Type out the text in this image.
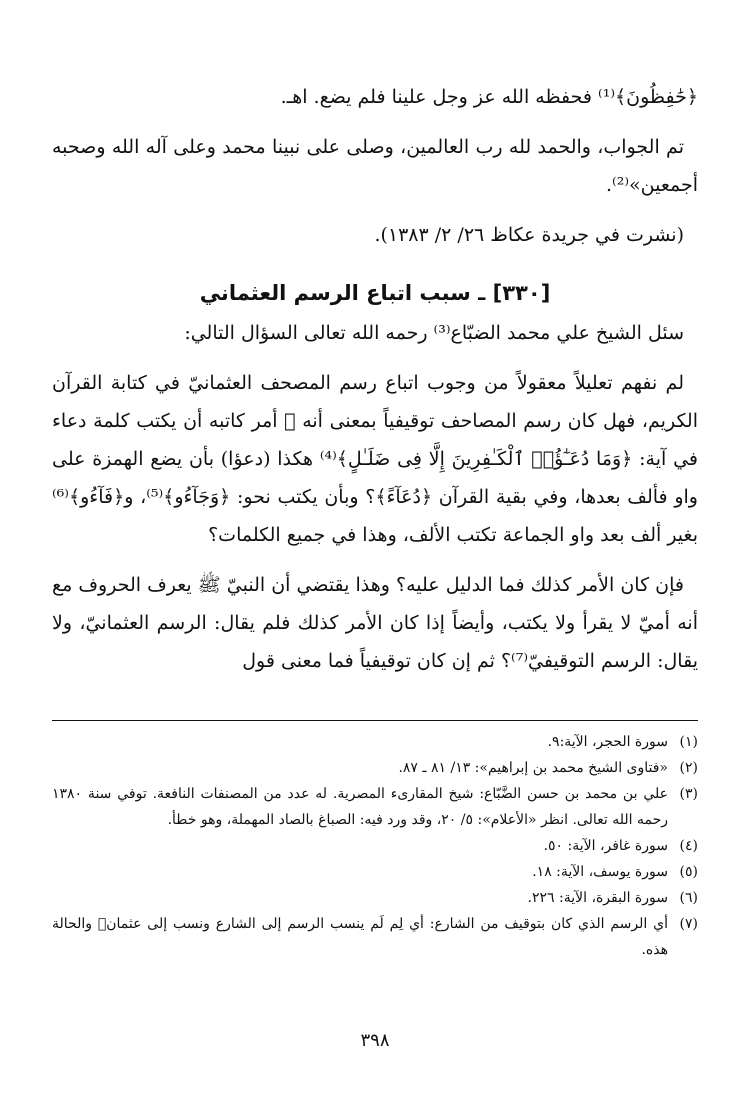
﴿حَٰفِظُونَ﴾⁽¹⁾ فحفظه الله عز وجل علينا فلم يضع. اهـ.

تم الجواب، والحمد لله رب العالمين، وصلى على نبينا محمد وعلى آله الله وصحبه أجمعين»⁽²⁾.

(نشرت في جريدة عكاظ ٢٦/ ٢/ ١٣٨٣).

[٣٣٠] ـ سبب اتباع الرسم العثماني

سئل الشيخ علي محمد الضبّاع⁽³⁾ رحمه الله تعالى السؤال التالي:

لم نفهم تعليلاً معقولاً من وجوب اتباع رسم المصحف العثمانيّ في كتابة القرآن الكريم، فهل كان رسم المصاحف توقيفياً بمعنى أنه ﷺ أمر كاتبه أن يكتب كلمة دعاء في آية: ﴿وَمَا دُعَـٰٓؤُا۟ ٱلْكَـٰفِرِينَ إِلَّا فِى ضَلَـٰلٍ﴾⁽⁴⁾ هكذا (دعؤا) بأن يضع الهمزة على واو فألف بعدها، وفي بقية القرآن ﴿دُعَآءً﴾؟ وبأن يكتب نحو: ﴿وَجَآءُو﴾⁽⁵⁾، و﴿فَآءُو﴾⁽⁶⁾ بغير ألف بعد واو الجماعة تكتب الألف، وهذا في جميع الكلمات؟

فإن كان الأمر كذلك فما الدليل عليه؟ وهذا يقتضي أن النبيّ ﷺ يعرف الحروف مع أنه أميّ لا يقرأ ولا يكتب، وأيضاً إذا كان الأمر كذلك فلم يقال: الرسم العثمانيّ، ولا يقال: الرسم التوقيفيّ⁽⁷⁾؟ ثم إن كان توقيفياً فما معنى قول

(١)
سورة الحجر، الآية:٩.
(٢)
«فتاوى الشيخ محمد بن إبراهيم»: ١٣/ ٨١ ـ ٨٧.
(٣)
علي بن محمد بن حسن الضَّبّاع: شيخ المقارىء المصرية. له عدد من المصنفات النافعة. توفي سنة ١٣٨٠ رحمه الله تعالى. انظر «الأعلام»: ٥/ ٢٠، وقد ورد فيه: الصباغ بالصاد المهملة، وهو خطأ.
(٤)
سورة غافر، الآية: ٥٠.
(٥)
سورة يوسف، الآية: ١٨.
(٦)
سورة البقرة، الآية: ٢٢٦.
(٧)
أي الرسم الذي كان بتوقيف من الشارع: أي لِم لَم ينسب الرسم إلى الشارع ونسب إلى عثمان﷜ والحالة هذه.
٣٩٨
